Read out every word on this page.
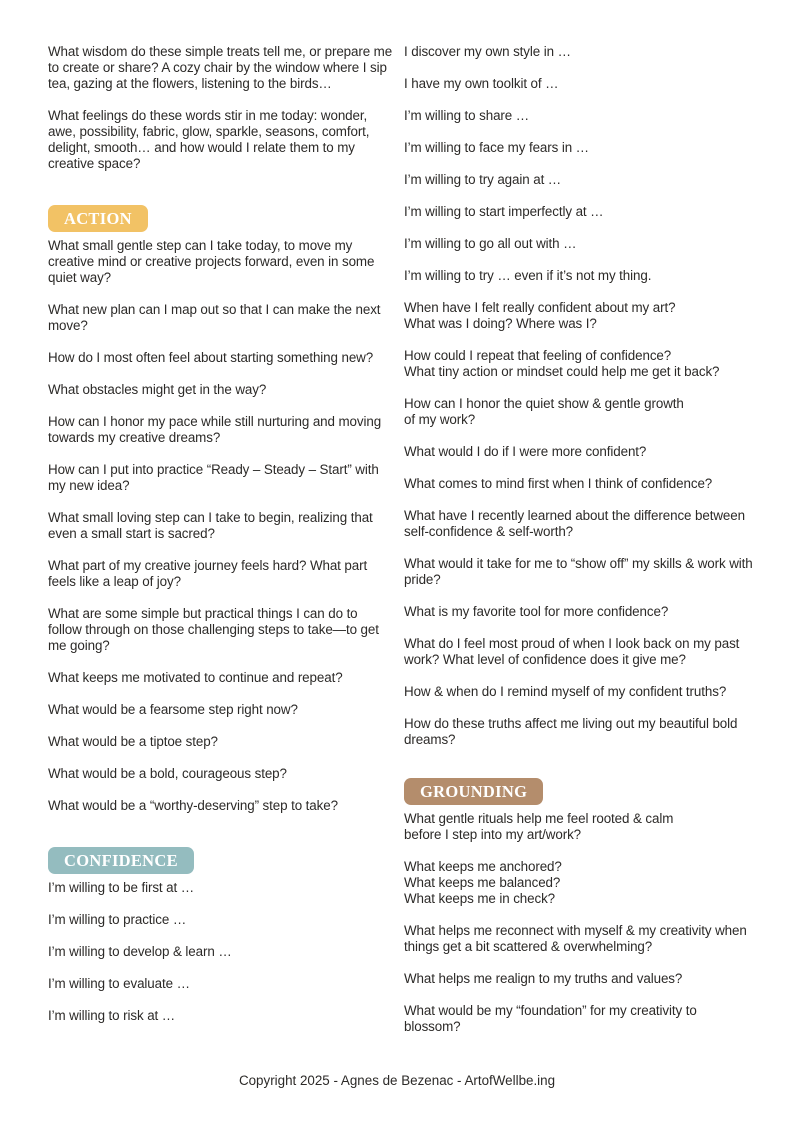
What wisdom do these simple treats tell me, or prepare me to create or share? A cozy chair by the window where I sip tea, gazing at the flowers, listening to the birds…

What feelings do these words stir in me today: wonder, awe, possibility, fabric, glow, sparkle, seasons, comfort, delight, smooth… and how would I relate them to my creative space?

ACTION

What small gentle step can I take today, to move my creative mind or creative projects forward, even in some quiet way?

What new plan can I map out so that I can make the next move?

How do I most often feel about starting something new?

What obstacles might get in the way?

How can I honor my pace while still nurturing and moving towards my creative dreams?

How can I put into practice “Ready – Steady – Start” with my new idea?

What small loving step can I take to begin, realizing that even a small start is sacred?

What part of my creative journey feels hard? What part feels like a leap of joy?

What are some simple but practical things I can do to follow through on those challenging steps to take—to get me going?

What keeps me motivated to continue and repeat?

What would be a fearsome step right now?

What would be a tiptoe step?

What would be a bold, courageous step?

What would be a “worthy-deserving” step to take?

CONFIDENCE

I’m willing to be first at …

I’m willing to practice …

I’m willing to develop & learn …

I’m willing to evaluate …

I’m willing to risk at …

I discover my own style in …

I have my own toolkit of …

I’m willing to share …

I’m willing to face my fears in …

I’m willing to try again at …

I’m willing to start imperfectly at …

I’m willing to go all out with …

I’m willing to try … even if it’s not my thing.

When have I felt really confident about my art?
What was I doing? Where was I?

How could I repeat that feeling of confidence?
What tiny action or mindset could help me get it back?

How can I honor the quiet show & gentle growth
of my work?

What would I do if I were more confident?

What comes to mind first when I think of confidence?

What have I recently learned about the difference between self-confidence & self-worth?

What would it take for me to “show off” my skills & work with pride?

What is my favorite tool for more confidence?

What do I feel most proud of when I look back on my past work? What level of confidence does it give me?

How & when do I remind myself of my confident truths?

How do these truths affect me living out my beautiful bold dreams?

GROUNDING

What gentle rituals help me feel rooted & calm
before I step into my art/work?

What keeps me anchored?
What keeps me balanced?
What keeps me in check?

What helps me reconnect with myself & my creativity when things get a bit scattered & overwhelming?

What helps me realign to my truths and values?

What would be my “foundation” for my creativity to blossom?

Copyright 2025 - Agnes de Bezenac - ArtofWellbe.ing
